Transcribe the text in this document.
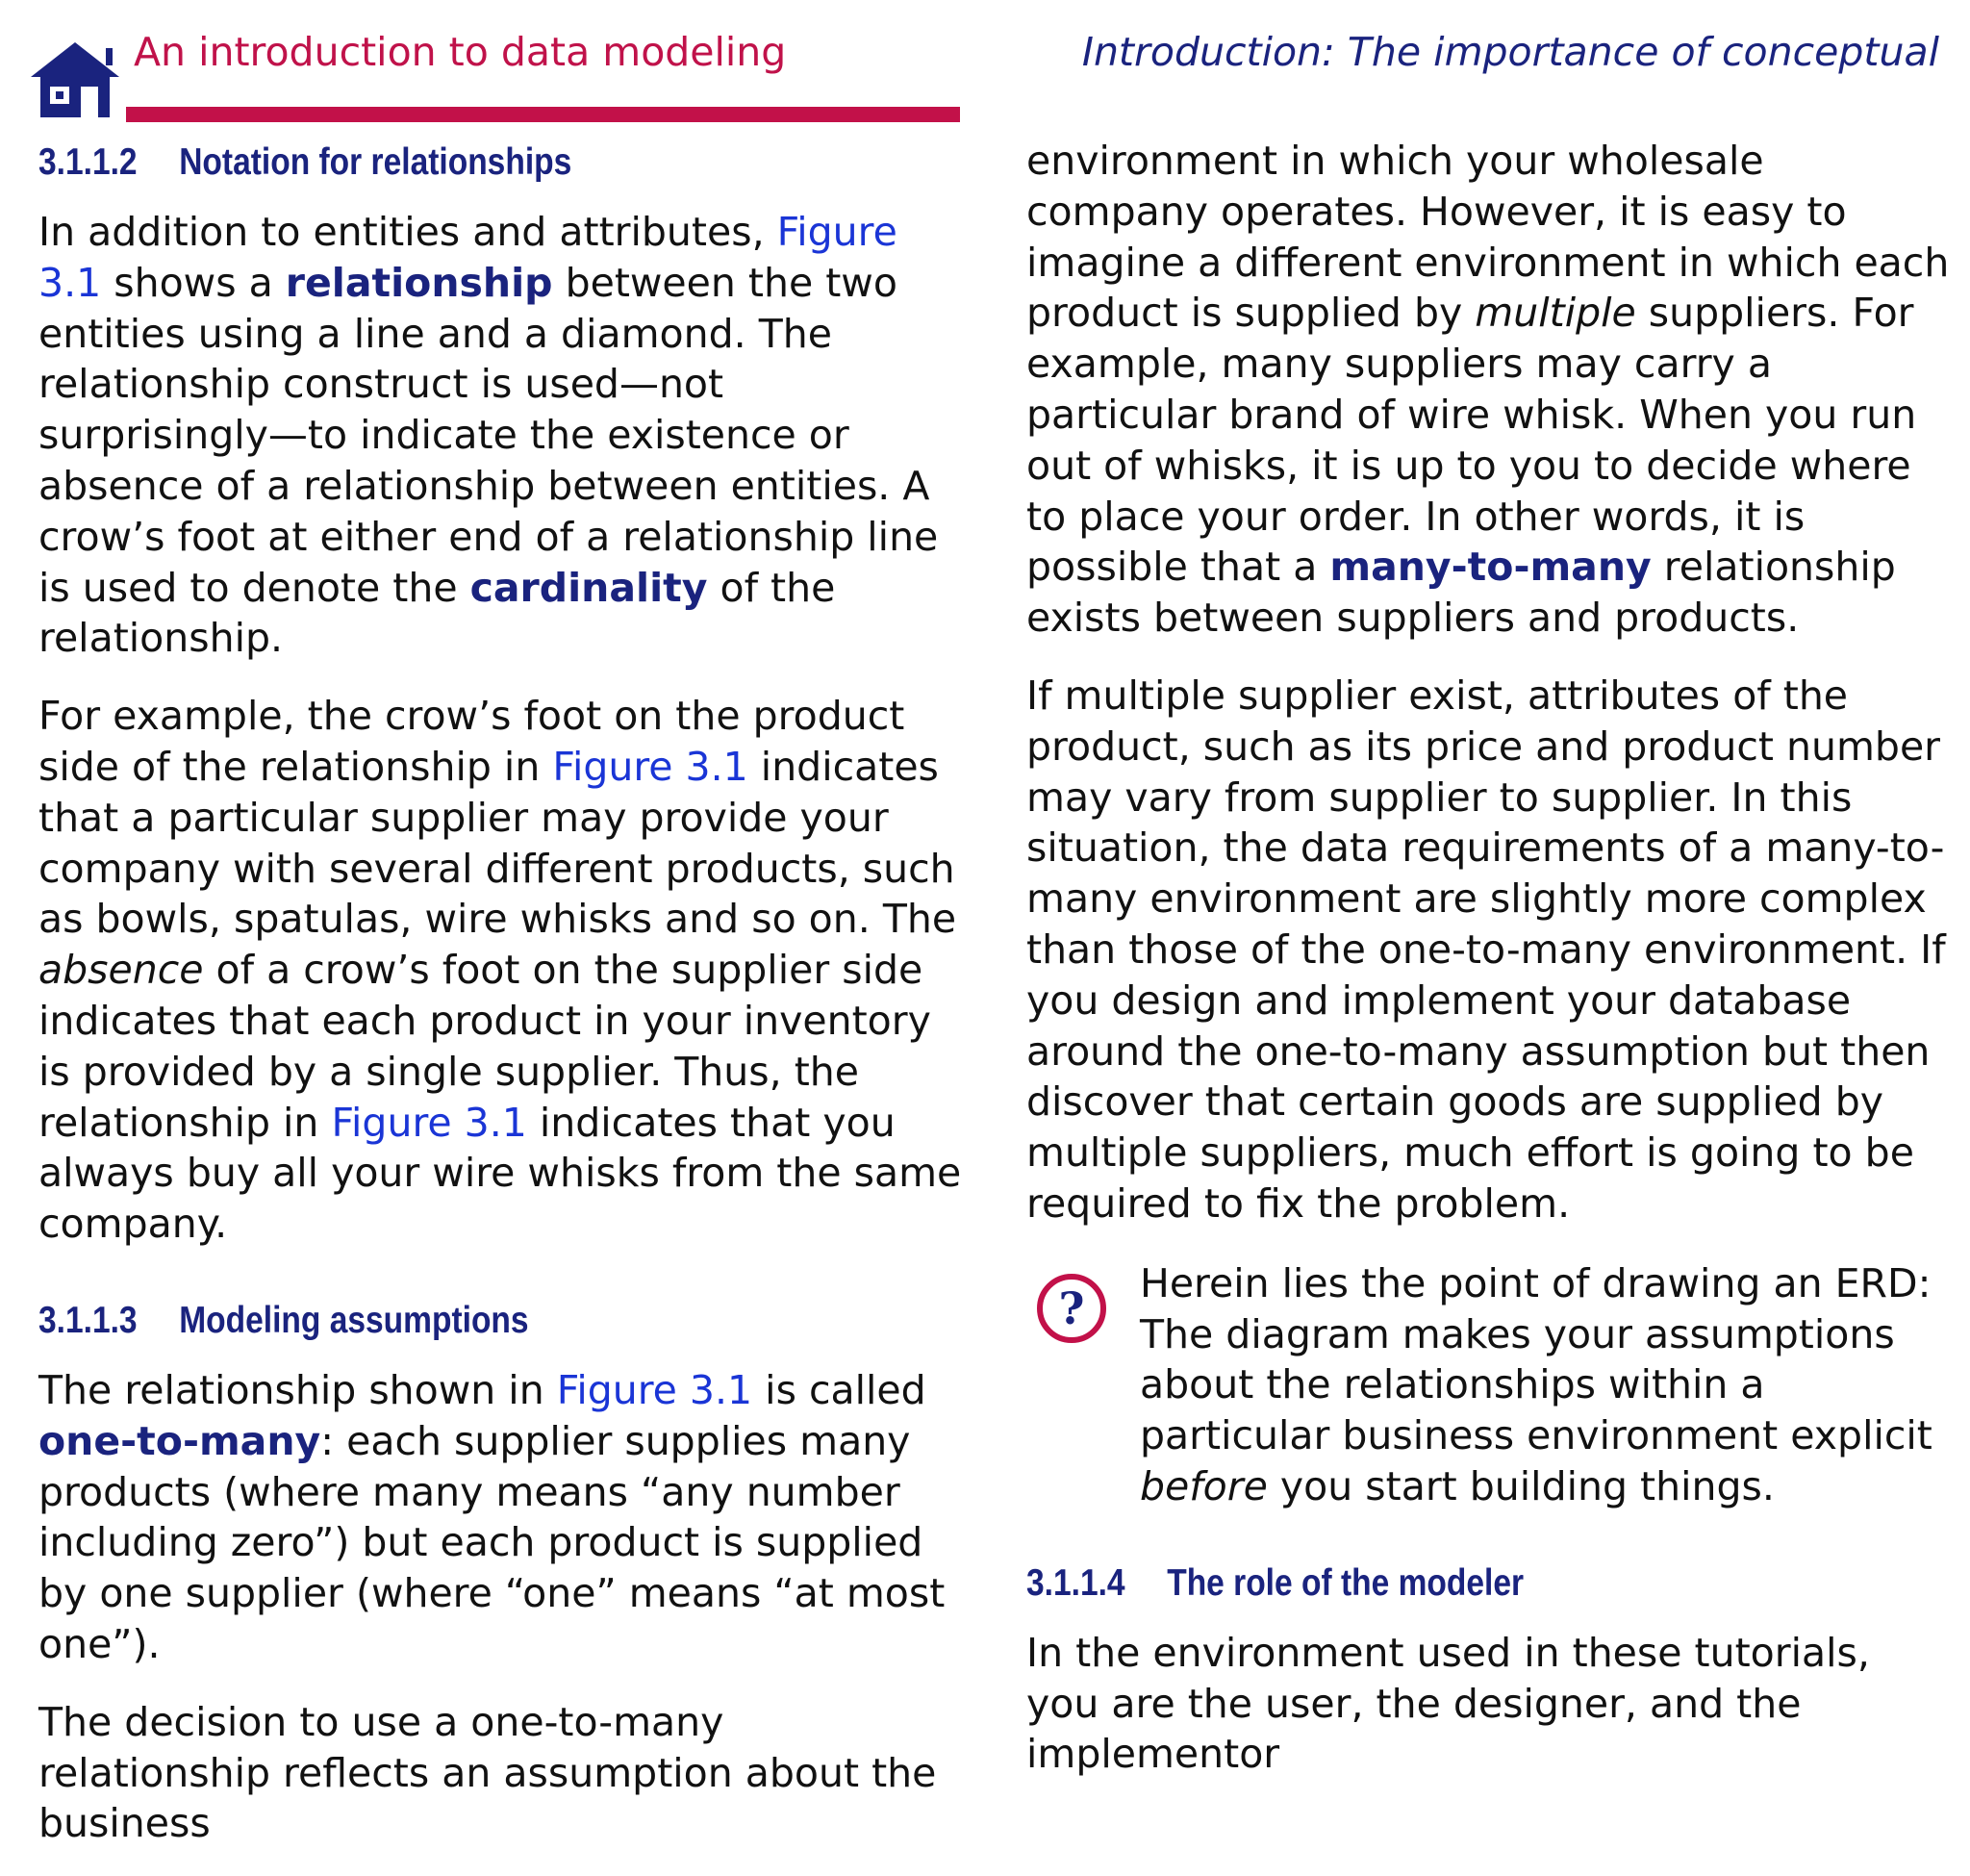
An introduction to data modeling	Introduction: The importance of conceptual
3.1.1.2 Notation for relationships

In addition to entities and attributes, Figure 3.1 shows a relationship between the two entities using a line and a diamond. The relationship construct is used—not surprisingly—to indicate the existence or absence of a relationship between entities. A crow’s foot at either end of a relationship line is used to denote the cardinality of the relationship.

For example, the crow’s foot on the product side of the relationship in Figure 3.1 indicates that a particular supplier may provide your company with several different products, such as bowls, spatulas, wire whisks and so on. The absence of a crow’s foot on the supplier side indicates that each product in your inventory is provided by a single supplier. Thus, the relationship in Figure 3.1 indicates that you always buy all your wire whisks from the same company.

3.1.1.3 Modeling assumptions

The relationship shown in Figure 3.1 is called one-to-many: each supplier supplies many products (where many means “any number including zero”) but each product is supplied by one supplier (where “one” means “at most one”).

The decision to use a one-to-many relationship reflects an assumption about the business

environment in which your wholesale company operates. However, it is easy to imagine a different environment in which each product is supplied by multiple suppliers. For example, many suppliers may carry a particular brand of wire whisk. When you run out of whisks, it is up to you to decide where to place your order. In other words, it is possible that a many-to-many relationship exists between suppliers and products.

If multiple supplier exist, attributes of the product, such as its price and product number may vary from supplier to supplier. In this situation, the data requirements of a many-to-many environment are slightly more complex than those of the one-to-many environment. If you design and implement your database around the one-to-many assumption but then discover that certain goods are supplied by multiple suppliers, much effort is going to be required to fix the problem.

? Herein lies the point of drawing an ERD: The diagram makes your assumptions about the relationships within a particular business environment explicit before you start building things.

3.1.1.4 The role of the modeler

In the environment used in these tutorials, you are the user, the designer, and the implementor
